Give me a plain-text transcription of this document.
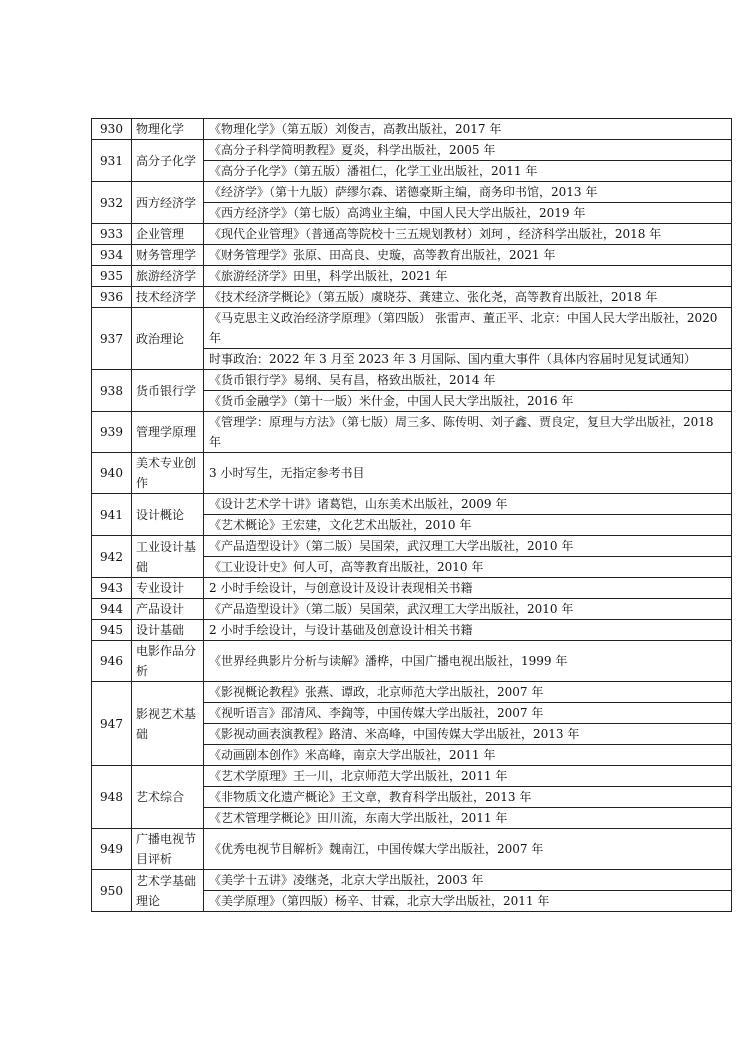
930	物理化学	《物理化学》（第五版）刘俊吉，高教出版社，2017 年
931	高分子化学	《高分子科学简明教程》夏炎，科学出版社，2005 年
		《高分子化学》（第五版）潘祖仁，化学工业出版社，2011 年
932	西方经济学	《经济学》（第十九版）萨缪尔森、诺德豪斯主编，商务印书馆，2013 年
		《西方经济学》（第七版）高鸿业主编，中国人民大学出版社，2019 年
933	企业管理	《现代企业管理》（普通高等院校十三五规划教材）刘珂 ，经济科学出版社，2018 年
934	财务管理学	《财务管理学》张原、田高良、史璇，高等教育出版社，2021 年
935	旅游经济学	《旅游经济学》田里，科学出版社，2021 年
936	技术经济学	《技术经济学概论》（第五版）虞晓芬、龚建立、张化尧，高等教育出版社，2018 年
937	政治理论	《马克思主义政治经济学原理》（第四版） 张雷声、董正平、北京：中国人民大学出版社，2020 年
		时事政治：2022 年 3 月至 2023 年 3 月国际、国内重大事件（具体内容届时见复试通知）
938	货币银行学	《货币银行学》易纲、吴有昌，格致出版社，2014 年
		《货币金融学》（第十一版）米什金，中国人民大学出版社，2016 年
939	管理学原理	《管理学：原理与方法》（第七版）周三多、陈传明、刘子鑫、贾良定，复旦大学出版社，2018 年
940	美术专业创作	3 小时写生，无指定参考书目
941	设计概论	《设计艺术学十讲》诸葛铠，山东美术出版社，2009 年
		《艺术概论》王宏建，文化艺术出版社，2010 年
942	工业设计基础	《产品造型设计》（第二版）吴国荣，武汉理工大学出版社，2010 年
		《工业设计史》何人可，高等教育出版社，2010 年
943	专业设计	2 小时手绘设计，与创意设计及设计表现相关书籍
944	产品设计	《产品造型设计》（第二版）吴国荣，武汉理工大学出版社，2010 年
945	设计基础	2 小时手绘设计，与设计基础及创意设计相关书籍
946	电影作品分析	《世界经典影片分析与读解》潘桦，中国广播电视出版社，1999 年
947	影视艺术基础	《影视概论教程》张燕、谭政，北京师范大学出版社，2007 年
		《视听语言》邵清风、李鍧等，中国传媒大学出版社，2007 年
		《影视动画表演教程》路清、米高峰，中国传媒大学出版社，2013 年
		《动画剧本创作》米高峰，南京大学出版社，2011 年
948	艺术综合	《艺术学原理》王一川，北京师范大学出版社，2011 年
		《非物质文化遗产概论》王文章，教育科学出版社，2013 年
		《艺术管理学概论》田川流，东南大学出版社，2011 年
949	广播电视节目评析	《优秀电视节目解析》魏南江，中国传媒大学出版社，2007 年
950	艺术学基础理论	《美学十五讲》凌继尧，北京大学出版社，2003 年
		《美学原理》（第四版）杨辛、甘霖，北京大学出版社，2011 年
